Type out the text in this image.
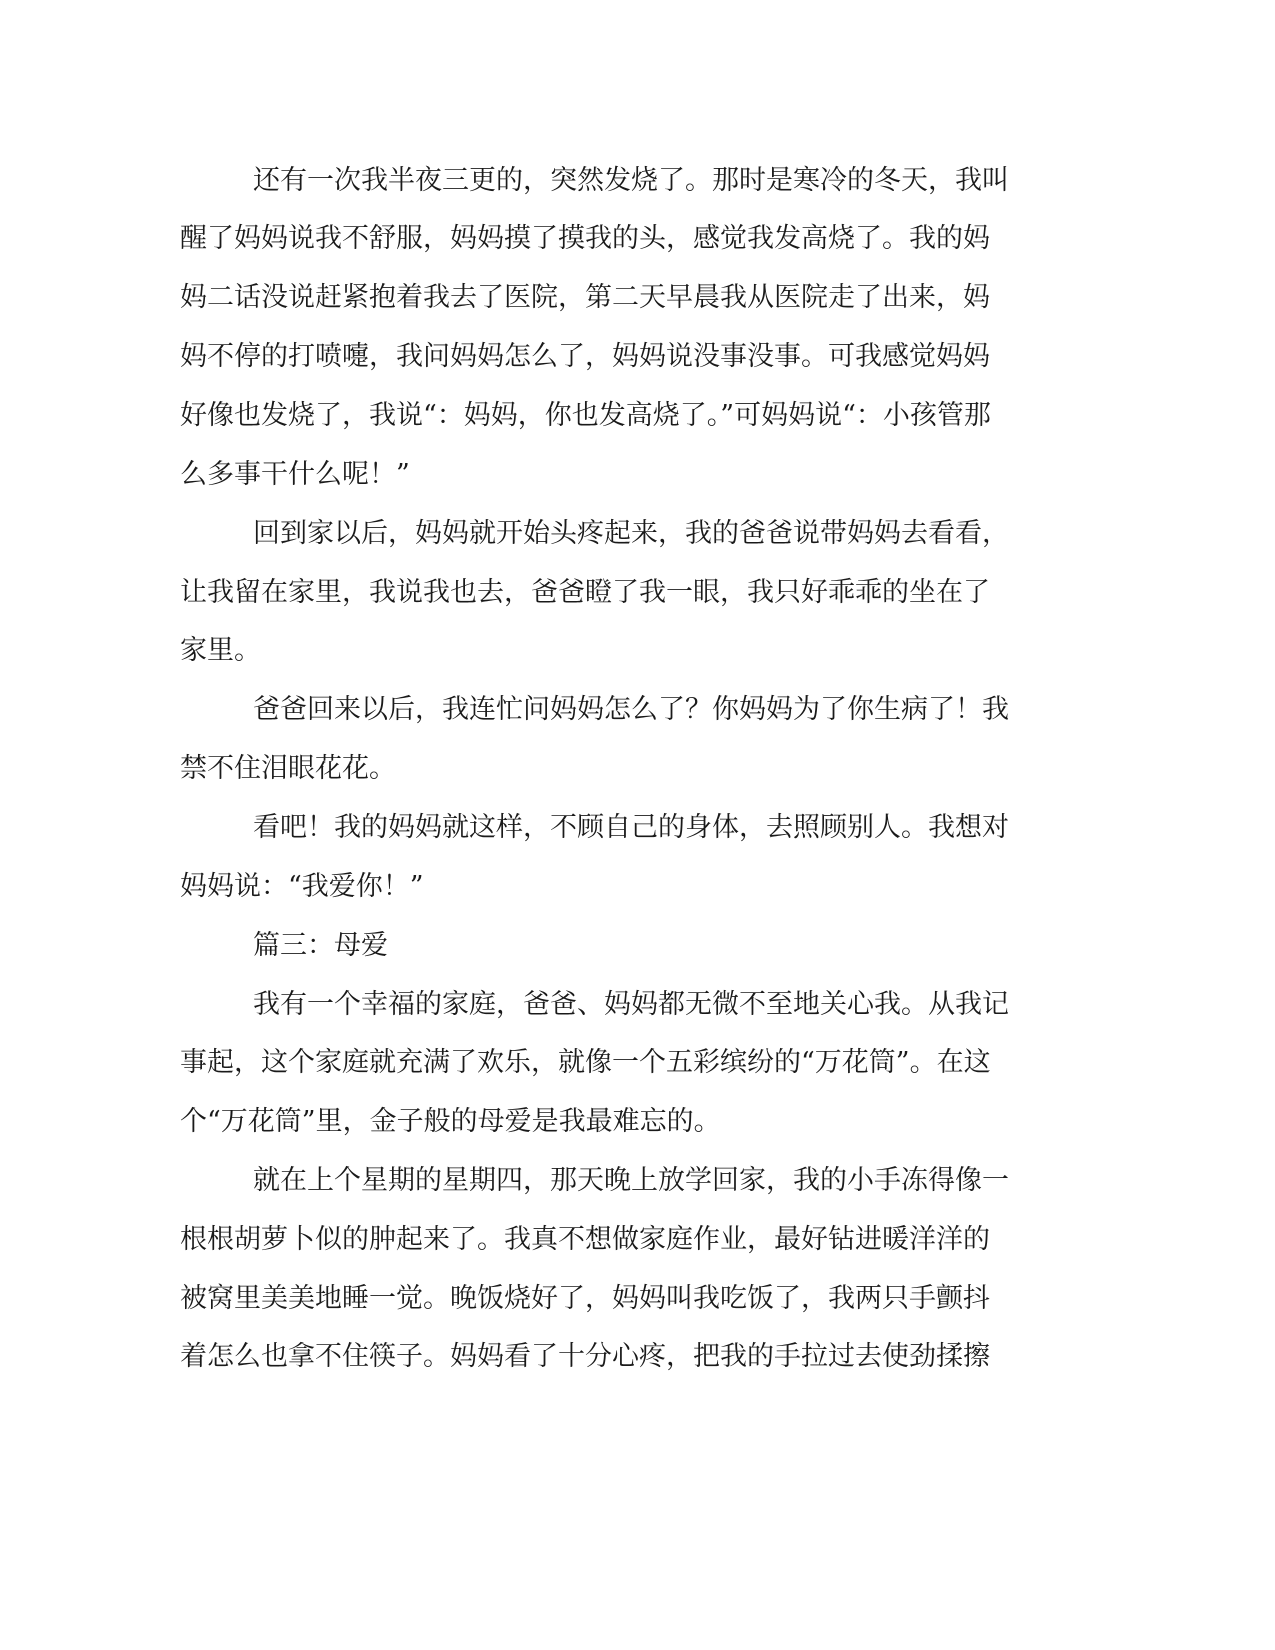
还有一次我半夜三更的，突然发烧了。那时是寒冷的冬天，我叫
醒了妈妈说我不舒服，妈妈摸了摸我的头，感觉我发高烧了。我的妈
妈二话没说赶紧抱着我去了医院，第二天早晨我从医院走了出来，妈
妈不停的打喷嚏，我问妈妈怎么了，妈妈说没事没事。可我感觉妈妈
好像也发烧了，我说“：妈妈，你也发高烧了。”可妈妈说“：小孩管那
么多事干什么呢！”
回到家以后，妈妈就开始头疼起来，我的爸爸说带妈妈去看看，
让我留在家里，我说我也去，爸爸瞪了我一眼，我只好乖乖的坐在了
家里。
爸爸回来以后，我连忙问妈妈怎么了？你妈妈为了你生病了！我
禁不住泪眼花花。
看吧！我的妈妈就这样，不顾自己的身体，去照顾别人。我想对
妈妈说：“我爱你！”
篇三：母爱
我有一个幸福的家庭，爸爸、妈妈都无微不至地关心我。从我记
事起，这个家庭就充满了欢乐，就像一个五彩缤纷的“万花筒”。在这
个“万花筒”里，金子般的母爱是我最难忘的。
就在上个星期的星期四，那天晚上放学回家，我的小手冻得像一
根根胡萝卜似的肿起来了。我真不想做家庭作业，最好钻进暖洋洋的
被窝里美美地睡一觉。晚饭烧好了，妈妈叫我吃饭了，我两只手颤抖
着怎么也拿不住筷子。妈妈看了十分心疼，把我的手拉过去使劲揉擦
